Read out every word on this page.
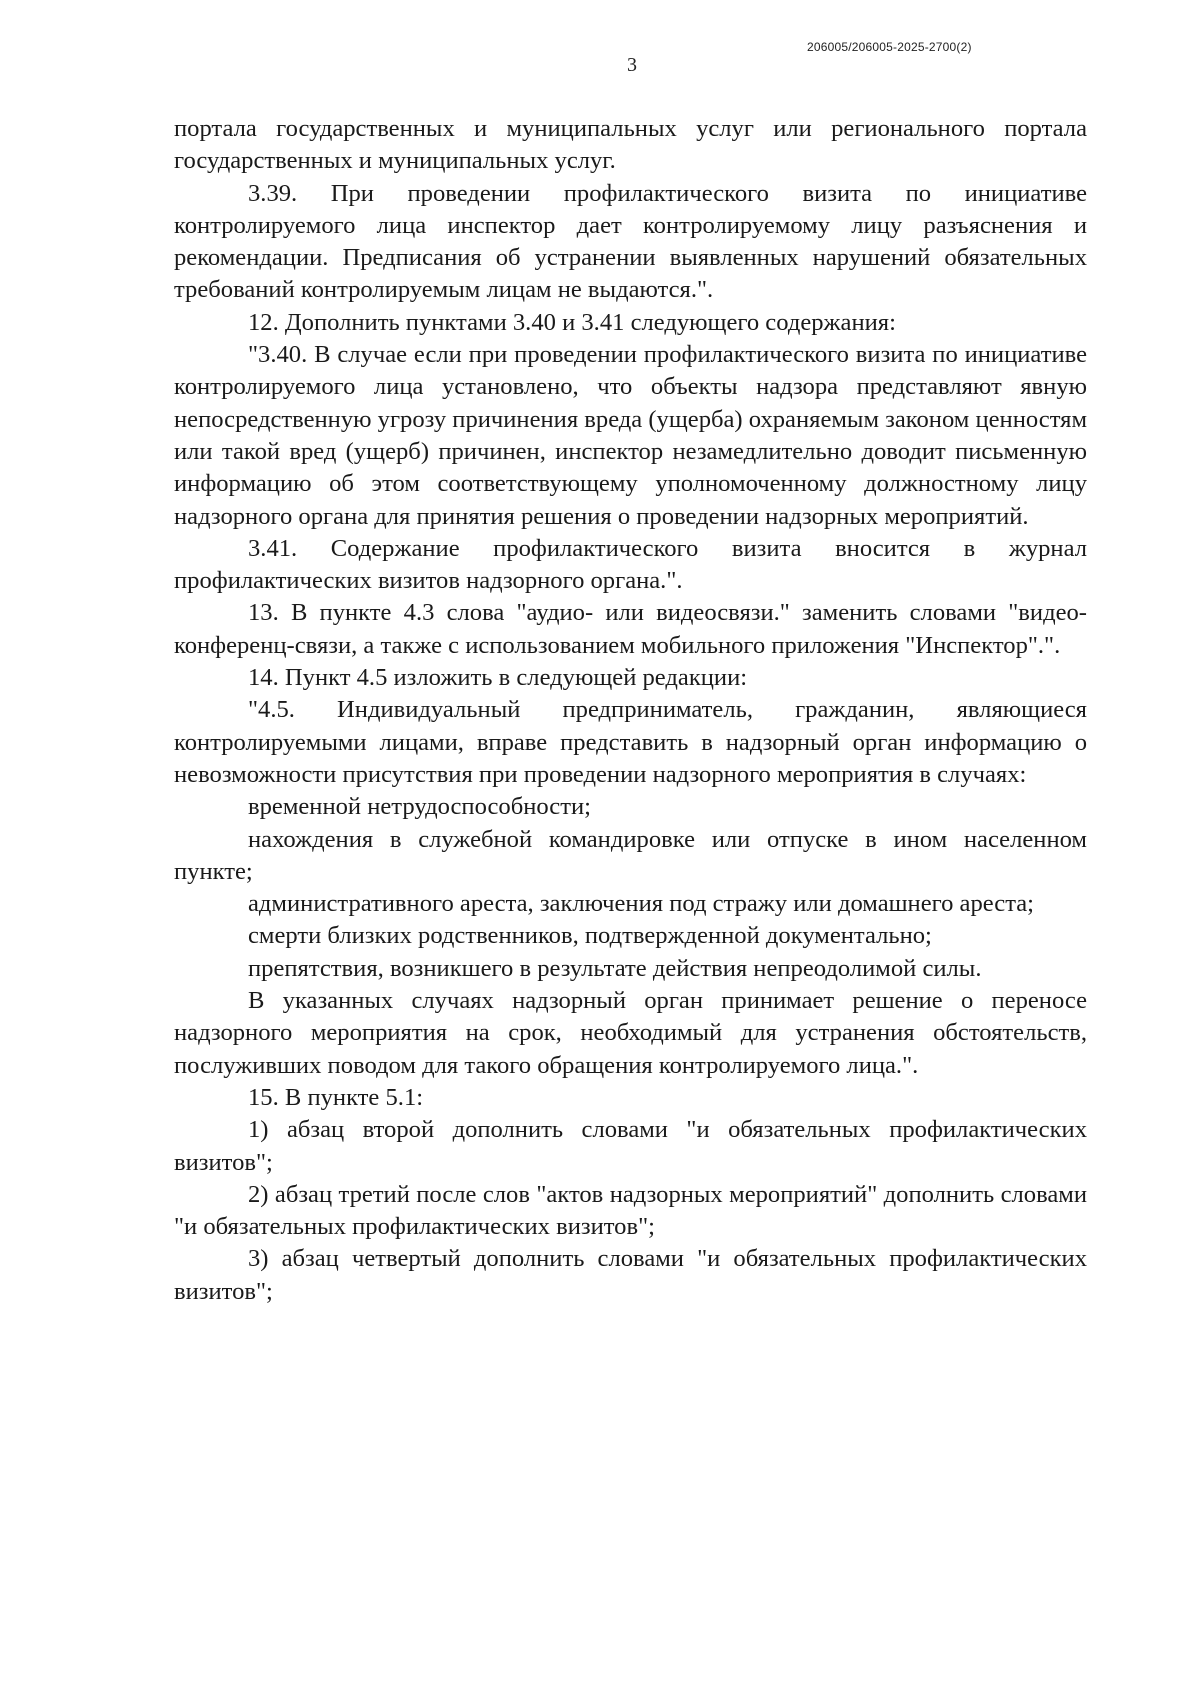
206005/206005-2025-2700(2)
3

портала государственных и муниципальных услуг или регионального портала государственных и муниципальных услуг.

3.39. При проведении профилактического визита по инициативе контролируемого лица инспектор дает контролируемому лицу разъяснения и рекомендации. Предписания об устранении выявленных нарушений обязательных требований контролируемым лицам не выдаются.".

12. Дополнить пунктами 3.40 и 3.41 следующего содержания:

"3.40. В случае если при проведении профилактического визита по инициативе контролируемого лица установлено, что объекты надзора представляют явную непосредственную угрозу причинения вреда (ущерба) охраняемым законом ценностям или такой вред (ущерб) причинен, инспектор незамедлительно доводит письменную информацию об этом соответствующему уполномоченному должностному лицу надзорного органа для принятия решения о проведении надзорных мероприятий.

3.41. Содержание профилактического визита вносится в журнал профилактических визитов надзорного органа.".

13. В пункте 4.3 слова "аудио- или видеосвязи." заменить словами "видео-конференц-связи, а также с использованием мобильного приложения "Инспектор".".

14. Пункт 4.5 изложить в следующей редакции:

"4.5. Индивидуальный предприниматель, гражданин, являющиеся контролируемыми лицами, вправе представить в надзорный орган информацию о невозможности присутствия при проведении надзорного мероприятия в случаях:

временной нетрудоспособности;

нахождения в служебной командировке или отпуске в ином населенном пункте;

административного ареста, заключения под стражу или домашнего ареста;

смерти близких родственников, подтвержденной документально;

препятствия, возникшего в результате действия непреодолимой силы.

В указанных случаях надзорный орган принимает решение о переносе надзорного мероприятия на срок, необходимый для устранения обстоятельств, послуживших поводом для такого обращения контролируемого лица.".

15. В пункте 5.1:

1) абзац второй дополнить словами "и обязательных профилактических визитов";

2) абзац третий после слов "актов надзорных мероприятий" дополнить словами "и обязательных профилактических визитов";

3) абзац четвертый дополнить словами "и обязательных профилактических визитов";
